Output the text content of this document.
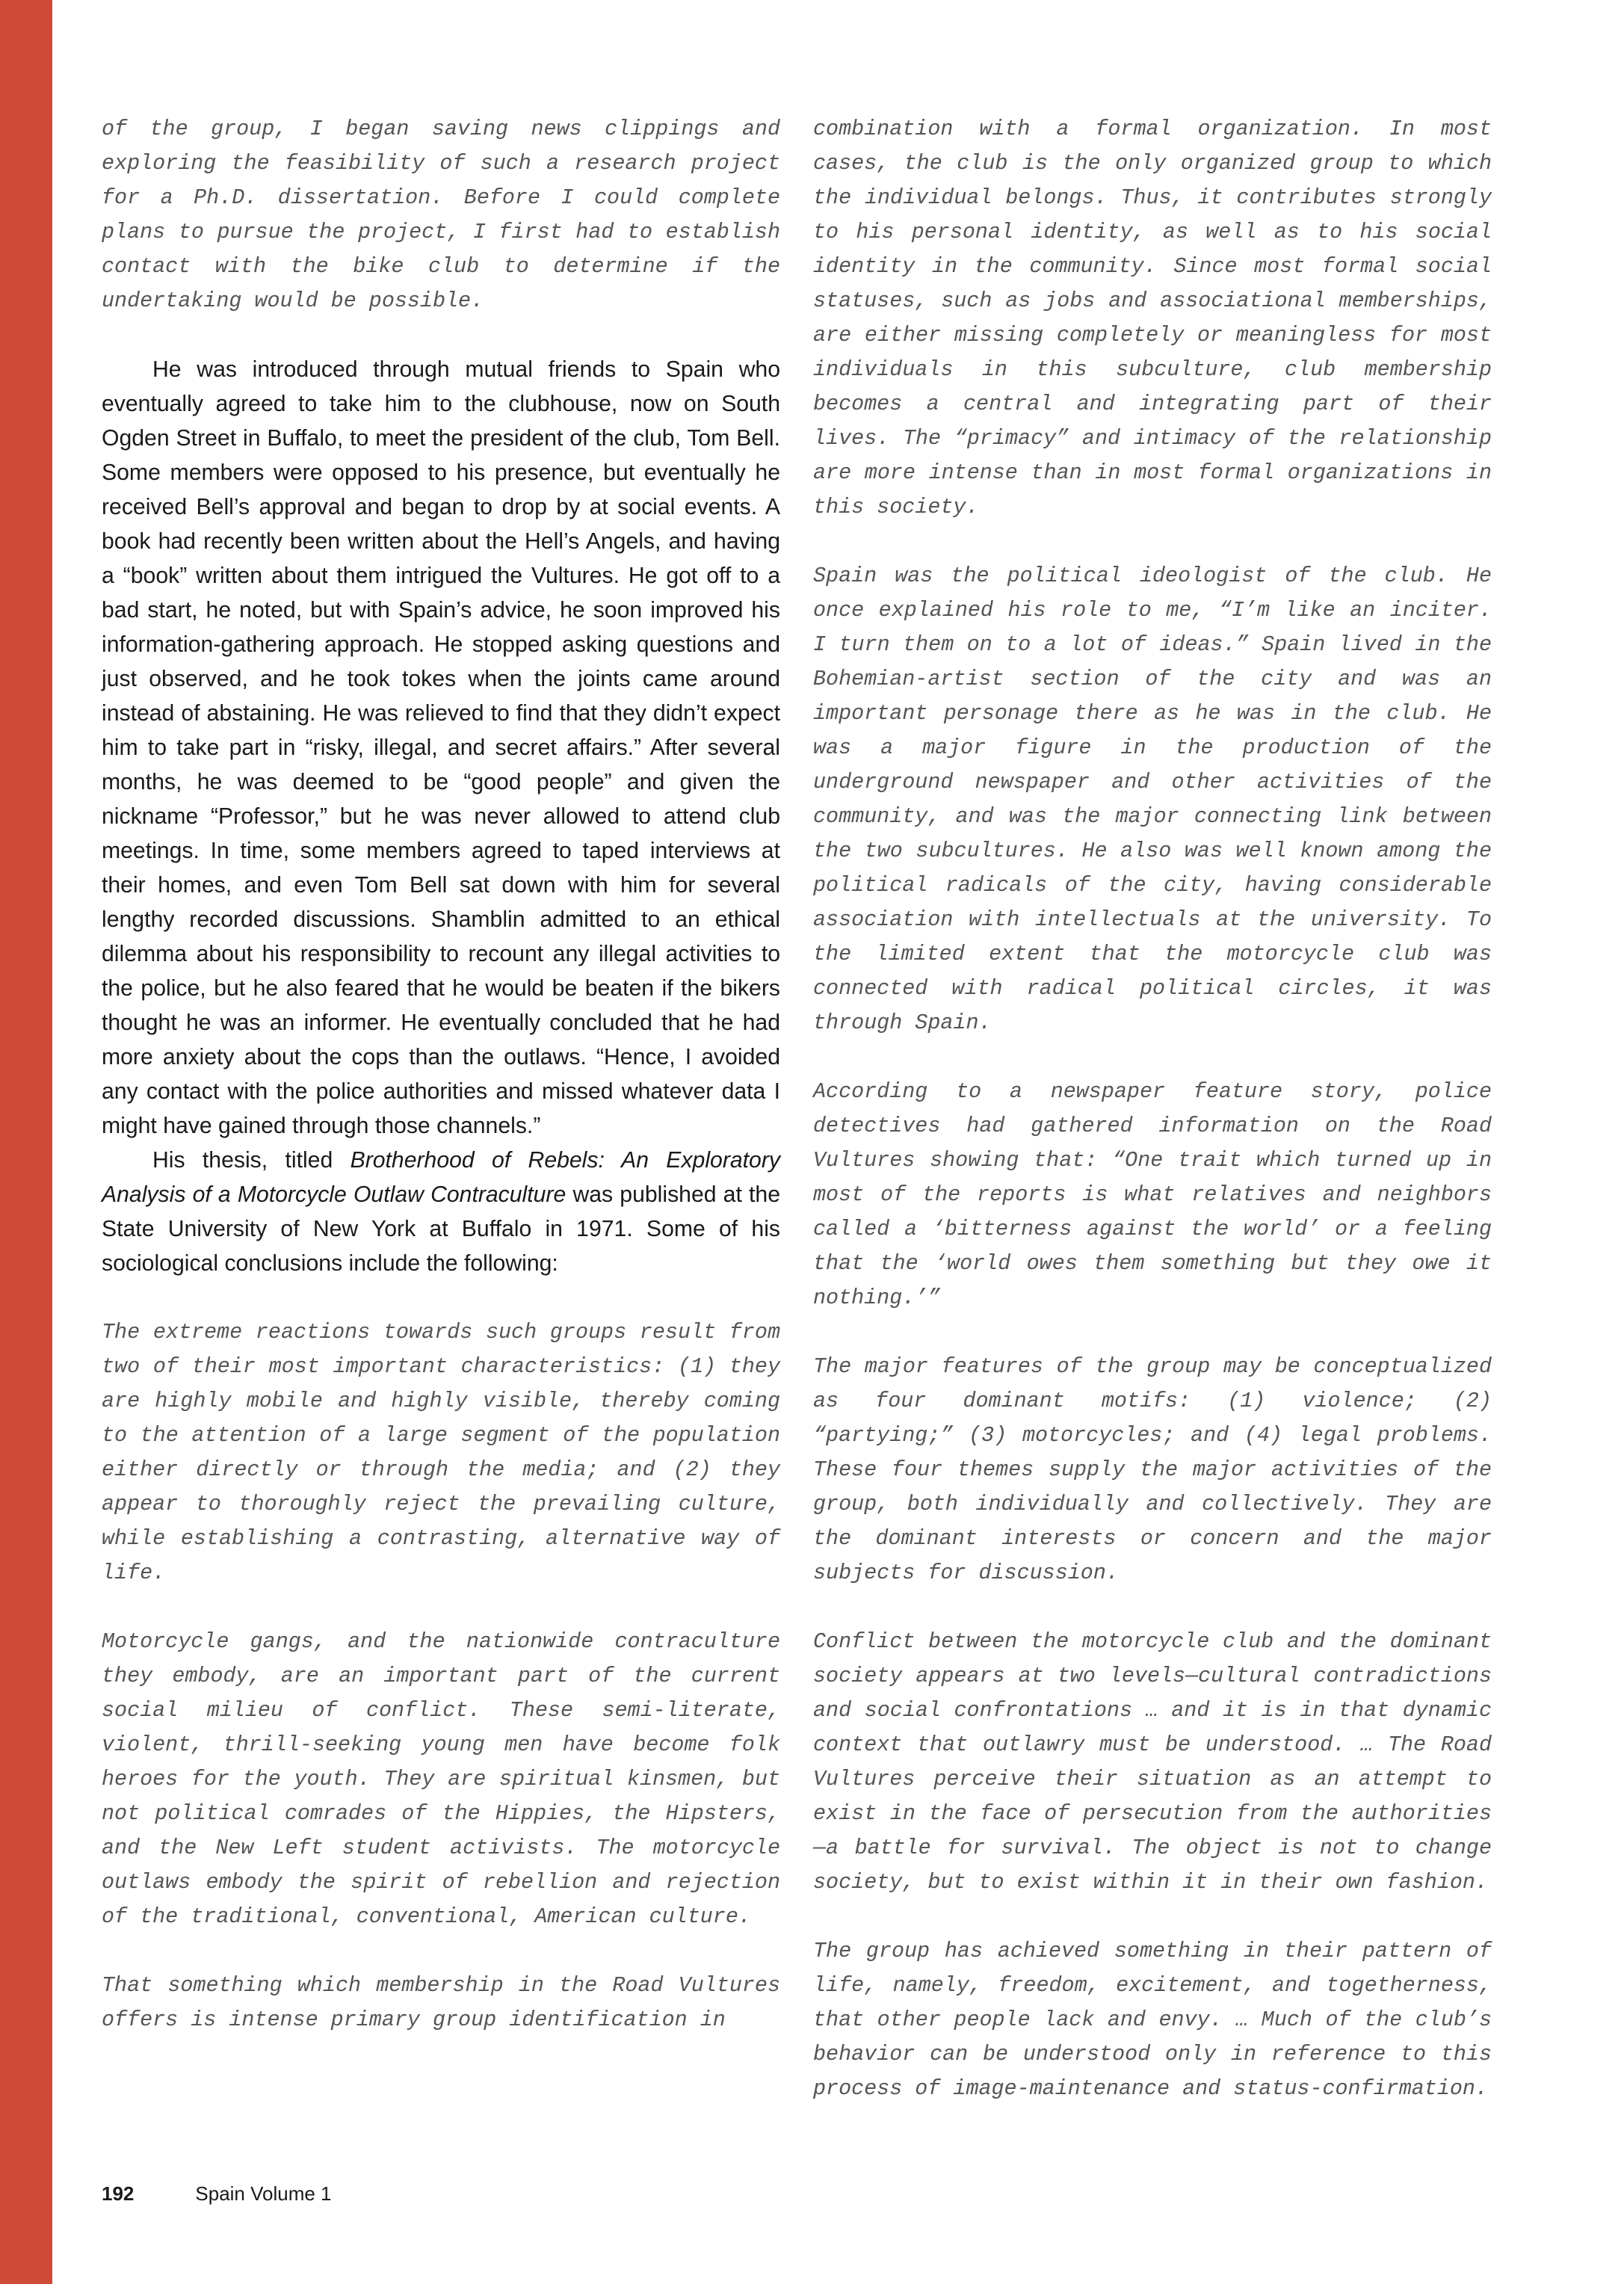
of the group, I began saving news clippings and exploring the feasibility of such a research project for a Ph.D. dissertation. Before I could complete plans to pursue the project, I first had to establish contact with the bike club to determine if the undertaking would be possible.

He was introduced through mutual friends to Spain who eventually agreed to take him to the clubhouse, now on South Ogden Street in Buffalo, to meet the president of the club, Tom Bell. Some members were opposed to his presence, but eventually he received Bell’s approval and began to drop by at social events. A book had recently been written about the Hell’s Angels, and having a “book” written about them intrigued the Vultures. He got off to a bad start, he noted, but with Spain’s advice, he soon improved his information-gathering approach. He stopped asking questions and just observed, and he took tokes when the joints came around instead of abstaining. He was relieved to find that they didn’t expect him to take part in “risky, illegal, and secret affairs.” After several months, he was deemed to be “good people” and given the nickname “Professor,” but he was never allowed to attend club meetings. In time, some members agreed to taped interviews at their homes, and even Tom Bell sat down with him for several lengthy recorded discussions. Shamblin admitted to an ethical dilemma about his responsibility to recount any illegal activities to the police, but he also feared that he would be beaten if the bikers thought he was an informer. He eventually concluded that he had more anxiety about the cops than the outlaws. “Hence, I avoided any contact with the police authorities and missed whatever data I might have gained through those channels.”

His thesis, titled Brotherhood of Rebels: An Exploratory Analysis of a Motorcycle Outlaw Contraculture was published at the State University of New York at Buffalo in 1971. Some of his sociological conclusions include the following:

The extreme reactions towards such groups result from two of their most important characteristics: (1) they are highly mobile and highly visible, thereby coming to the attention of a large segment of the population either directly or through the media; and (2) they appear to thoroughly reject the prevailing culture, while establishing a contrasting, alternative way of life.

Motorcycle gangs, and the nationwide contraculture they embody, are an important part of the current social milieu of conflict. These semi-literate, violent, thrill-seeking young men have become folk heroes for the youth. They are spiritual kinsmen, but not political comrades of the Hippies, the Hipsters, and the New Left student activists. The motorcycle outlaws embody the spirit of rebellion and rejection of the traditional, conventional, American culture.

That something which membership in the Road Vultures offers is intense primary group identification in

combination with a formal organization. In most cases, the club is the only organized group to which the individual belongs. Thus, it contributes strongly to his personal identity, as well as to his social identity in the community. Since most formal social statuses, such as jobs and associational memberships, are either missing completely or meaningless for most individuals in this subculture, club membership becomes a central and integrating part of their lives. The “primacy” and intimacy of the relationship are more intense than in most formal organizations in this society.

Spain was the political ideologist of the club. He once explained his role to me, “I’m like an inciter. I turn them on to a lot of ideas.” Spain lived in the Bohemian-artist section of the city and was an important personage there as he was in the club. He was a major figure in the production of the underground newspaper and other activities of the community, and was the major connecting link between the two subcultures. He also was well known among the political radicals of the city, having considerable association with intellectuals at the university. To the limited extent that the motorcycle club was connected with radical political circles, it was through Spain.

According to a newspaper feature story, police detectives had gathered information on the Road Vultures showing that: “One trait which turned up in most of the reports is what relatives and neighbors called a ‘bitterness against the world’ or a feeling that the ‘world owes them something but they owe it nothing.’”

The major features of the group may be conceptualized as four dominant motifs: (1) violence; (2) “partying;” (3) motorcycles; and (4) legal problems. These four themes supply the major activities of the group, both individually and collectively. They are the dominant interests or concern and the major subjects for discussion.

Conflict between the motorcycle club and the dominant society appears at two levels—cultural contradictions and social confrontations … and it is in that dynamic context that outlawry must be understood. … The Road Vultures perceive their situation as an attempt to exist in the face of persecution from the authorities—a battle for survival. The object is not to change society, but to exist within it in their own fashion.

The group has achieved something in their pattern of life, namely, freedom, excitement, and togetherness, that other people lack and envy. … Much of the club’s behavior can be understood only in reference to this process of image-maintenance and status-confirmation.

192	Spain Volume 1
